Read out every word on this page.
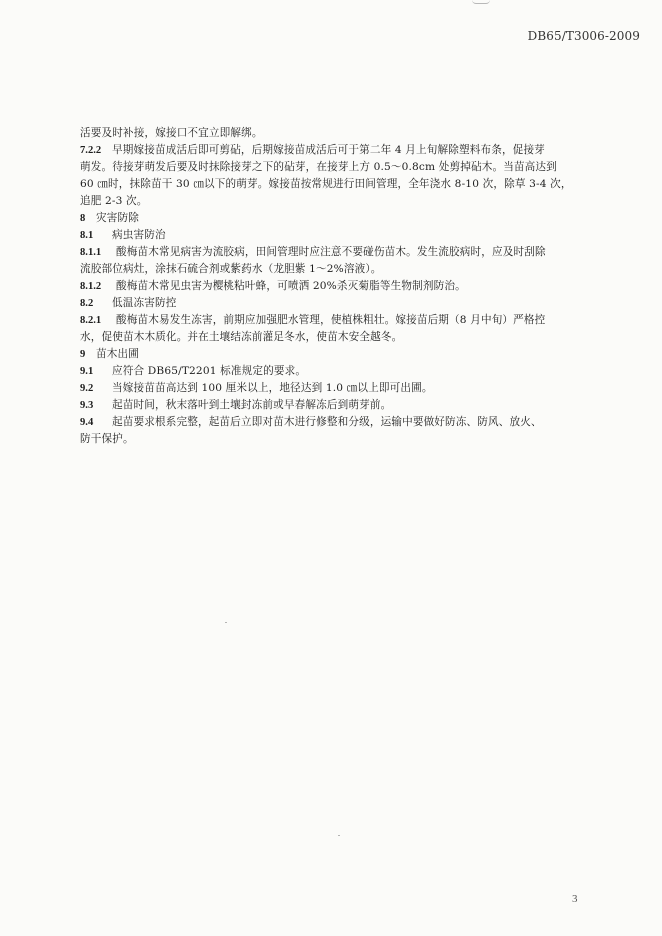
DB65/T3006-2009
活要及时补接，嫁接口不宜立即解绑。
7.2.2 早期嫁接苗成活后即可剪砧，后期嫁接苗成活后可于第二年 4 月上旬解除塑料布条，促接芽
萌发。待接芽萌发后要及时抹除接芽之下的砧芽，在接芽上方 0.5～0.8cm 处剪掉砧木。当苗高达到
60 ㎝时，抹除苗干 30 ㎝以下的萌芽。嫁接苗按常规进行田间管理，全年浇水 8-10 次，除草 3-4 次，
追肥 2-3 次。
8 灾害防除
8.1 病虫害防治
8.1.1 酸梅苗木常见病害为流胶病，田间管理时应注意不要碰伤苗木。发生流胶病时，应及时刮除
流胶部位病灶，涂抹石硫合剂或紫药水（龙胆紫 1～2%溶液）。
8.1.2 酸梅苗木常见虫害为樱桃粘叶蜂，可喷洒 20%杀灭菊脂等生物制剂防治。
8.2 低温冻害防控
8.2.1 酸梅苗木易发生冻害，前期应加强肥水管理，使植株粗壮。嫁接苗后期（8 月中旬）严格控
水，促使苗木木质化。并在土壤结冻前灌足冬水，使苗木安全越冬。
9 苗木出圃
9.1 应符合 DB65/T2201 标准规定的要求。
9.2 当嫁接苗苗高达到 100 厘米以上，地径达到 1.0 ㎝以上即可出圃。
9.3 起苗时间，秋末落叶到土壤封冻前或早春解冻后到萌芽前。
9.4 起苗要求根系完整，起苗后立即对苗木进行修整和分级，运输中要做好防冻、防风、放火、
防干保护。
3
